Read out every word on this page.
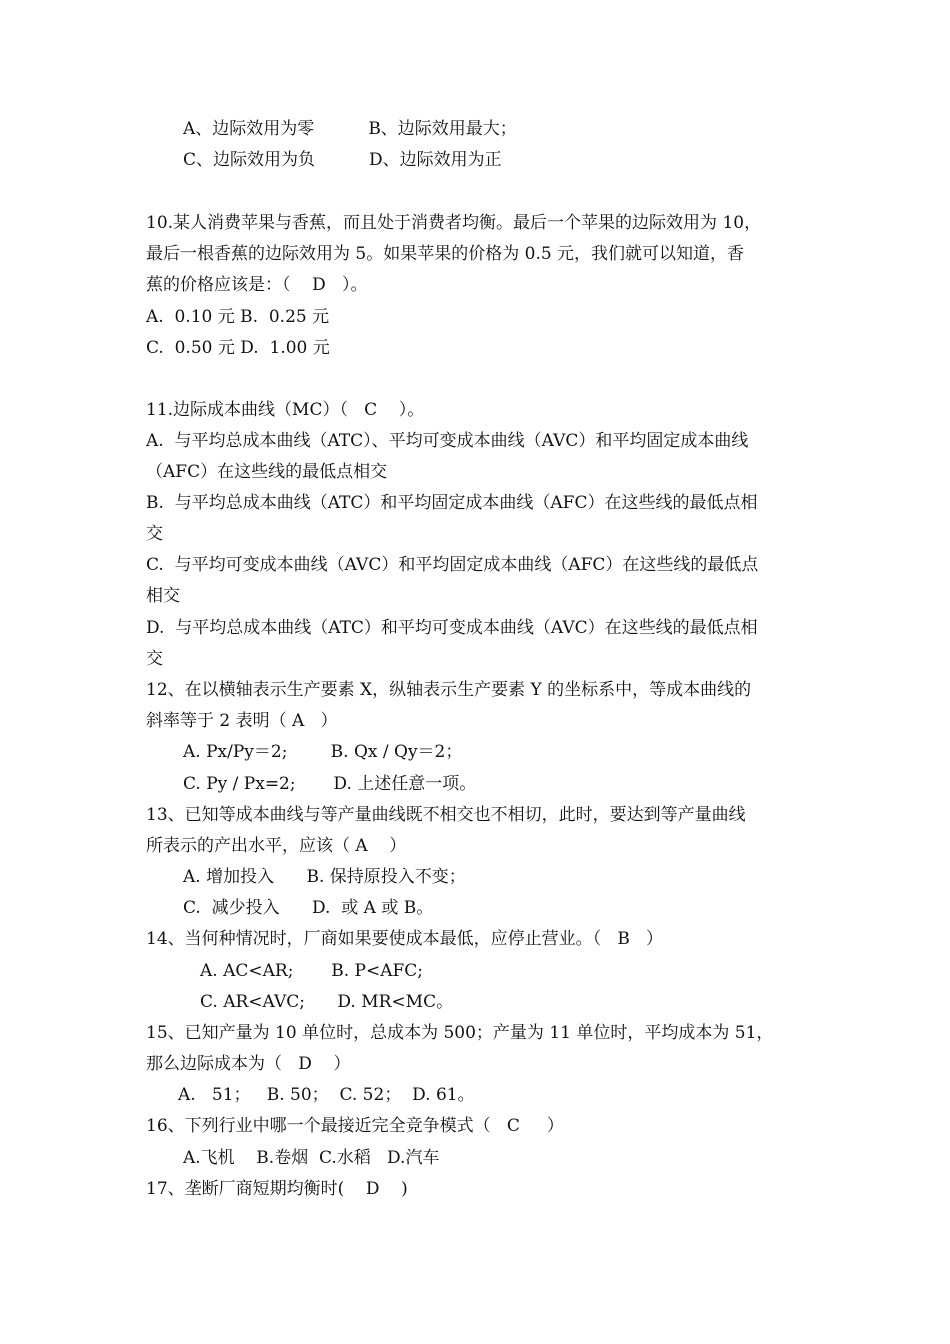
A、边际效用为零          B、边际效用最大；
C、边际效用为负          D、边际效用为正
10.某人消费苹果与香蕉，而且处于消费者均衡。最后一个苹果的边际效用为 10，
最后一根香蕉的边际效用为 5。如果苹果的价格为 0.5 元，我们就可以知道，香
蕉的价格应该是：（    D   ）。
A.  0.10 元 B.  0.25 元
C.  0.50 元 D.  1.00 元
11.边际成本曲线（MC）（   C    ）。
A.  与平均总成本曲线（ATC）、平均可变成本曲线（AVC）和平均固定成本曲线
（AFC）在这些线的最低点相交
B.  与平均总成本曲线（ATC）和平均固定成本曲线（AFC）在这些线的最低点相
交
C.  与平均可变成本曲线（AVC）和平均固定成本曲线（AFC）在这些线的最低点
相交
D.  与平均总成本曲线（ATC）和平均可变成本曲线（AVC）在这些线的最低点相
交
12、在以横轴表示生产要素 X，纵轴表示生产要素 Y 的坐标系中，等成本曲线的
斜率等于 2 表明（ A   ）
A. Px/Py＝2;        B. Qx / Qy＝2；
C. Py / Px=2;       D. 上述任意一项。
13、已知等成本曲线与等产量曲线既不相交也不相切，此时，要达到等产量曲线
所表示的产出水平，应该（ A    ）
A. 增加投入      B. 保持原投入不变；
C.  减少投入      D.  或 A 或 B。
14、当何种情况时，厂商如果要使成本最低，应停止营业。（   B   ）
A. AC<AR;       B. P<AFC;
C. AR<AVC;      D. MR<MC。
15、已知产量为 10 单位时，总成本为 500；产量为 11 单位时，平均成本为 51，
那么边际成本为（   D    ）
A.   51；   B. 50；  C. 52；  D. 61。
16、下列行业中哪一个最接近完全竞争模式（   C     ）
A.飞机    B.卷烟  C.水稻   D.汽车
17、垄断厂商短期均衡时(    D    )
